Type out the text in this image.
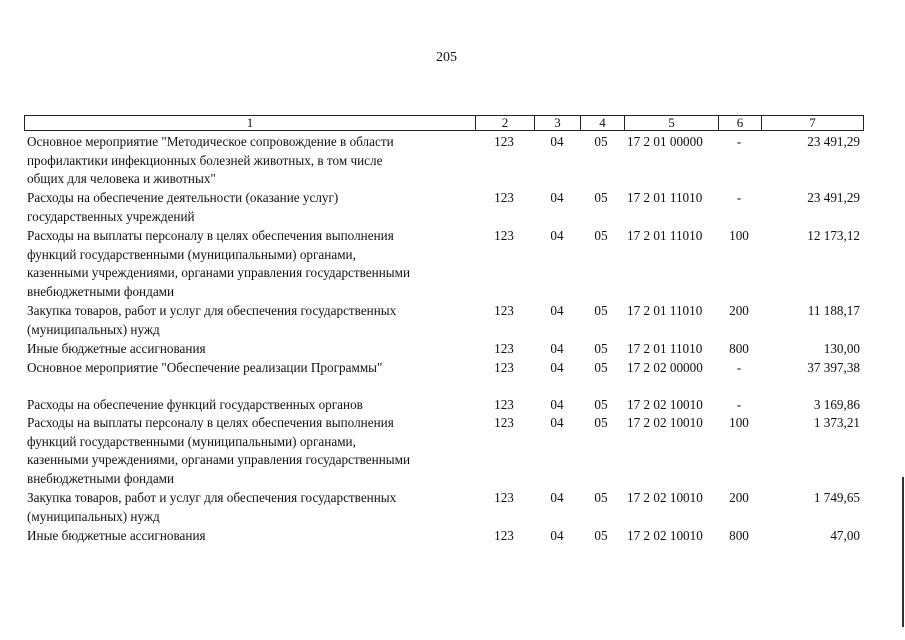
205
1	2	3	4	5	6	7
Основное мероприятие "Методическое сопровождение в области
профилактики инфекционных болезней животных, в том числе
общих для человека и животных"
123	04	05	17 2 01 00000	-	23 491,29
Расходы на обеспечение деятельности (оказание услуг)
государственных учреждений
123	04	05	17 2 01 11010	-	23 491,29
Расходы на выплаты персоналу в целях обеспечения выполнения
функций государственными (муниципальными) органами,
казенными учреждениями, органами управления государственными
внебюджетными фондами
123	04	05	17 2 01 11010	100	12 173,12
Закупка товаров, работ и услуг для обеспечения государственных
(муниципальных) нужд
123	04	05	17 2 01 11010	200	11 188,17
Иные бюджетные ассигнования	123	04	05	17 2 01 11010	800	130,00
Основное мероприятие "Обеспечение реализации Программы"	123	04	05	17 2 02 00000	-	37 397,38
Расходы на обеспечение функций государственных органов	123	04	05	17 2 02 10010	-	3 169,86
Расходы на выплаты персоналу в целях обеспечения выполнения
функций государственными (муниципальными) органами,
казенными учреждениями, органами управления государственными
внебюджетными фондами
123	04	05	17 2 02 10010	100	1 373,21
Закупка товаров, работ и услуг для обеспечения государственных
(муниципальных) нужд
123	04	05	17 2 02 10010	200	1 749,65
Иные бюджетные ассигнования	123	04	05	17 2 02 10010	800	47,00
